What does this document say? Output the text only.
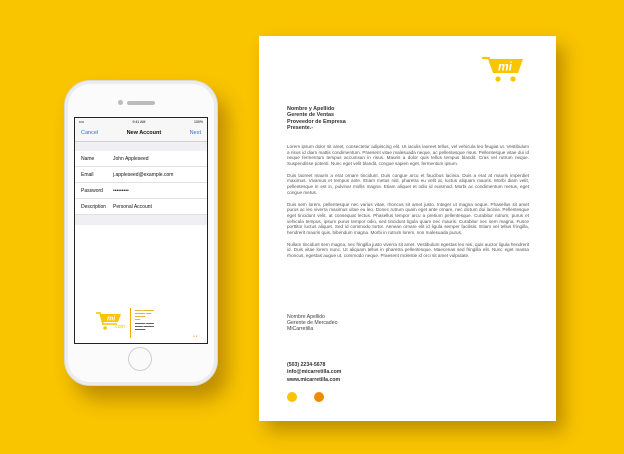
••••	9:41 AM	100%
Cancel	New Account	Next
Name	John Appleseed
Email	j.appleseed@example.com
Password	•••••••••
Description	Personal Account
mi
.com
▬▬▬ ▬▬▬▬
▬▬▬▬ ▬▬
▬▬▬▬
▬▬
▬▬▬▬ ▬▬▬
▬▬▬ ▬▬▬▬
▬▬▬▬
● ●
mi
Nombre y Apellido
Gerente de Ventas
Proveedor de Empresa
Presente.-

Lorem ipsum dolor sit amet, consectetur adipiscing elit. Ut iaculis laoreet tellus, vel vehicula leo feugiat ut. Vestibulum a risus id diam mattis condimentum. Praesent vitae malesuada neque, ac pellentesque risus. Pellentesque vitae dui id neque fermentum tempus accumsan in risus. Mauris a dolor quis tellus tempus blandit. Cras vel rutrum neque. Suspendisse potenti. Nunc eget velit blandit, congue sapien eget, fermentum ipsum.

Duis laoreet mauris a erat ornare tincidunt. Duis congue arcu et faucibus lacinia. Duis a erat at mauris imperdiet maximus. Vivamus et tempus ante. Etiam metus nisl, pharetra eu velit at, luctus aliquam mauris. Morbi diam velit, pellentesque in est in, pulvinar mollis magna. Etiam aliquet et odio id euismod. Morbi ac condimentum metus, eget congue metus.

Duis sem lorem, pellentesque nec varius vitae, rhoncus sit amet justo. Integer ut magna neque. Phasellus sit amet purus ac leo viverra maximus vitae eu leo. Donec rutrum quam eget ante ornare, nec dictum dui lacinia. Pellentesque eget tincidunt velit, at consequat lectus. Phasellus tempor arcu a pretium pellentesque. Curabitur rutrum, purus et vehicula tempus, ipsum purus tempor odio, sed tincidunt ligula quam nec mauris. Curabitur nec sem magna. Fusce porttitor luctus aliquet. Sed id commodo tortor. Aenean ornare elit id ligula semper facilisis. Etiam vel tellus fringilla, hendrerit mauris quis, bibendum magna. Morbi in rutrum lorem, non malesuada purus.

Nullam tincidunt sem magna, nec fringilla justo viverra sit amet. Vestibulum egestas leo nisi, quis auctor ligula hendrerit id. Duis vitae lorem nunc. Ut aliquam tellus in pharetra pellentesque. Maecenas sed fringilla elit. Nunc eget massa rhoncus, egestas augue ut, commodo neque. Praesent molestie id orci sit amet vulputate.

Nombre Apellido
Gerente de Mercadeo
MiCarretilla
(503) 2234-5678
info@micarretilla.com
www.micarretilla.com
